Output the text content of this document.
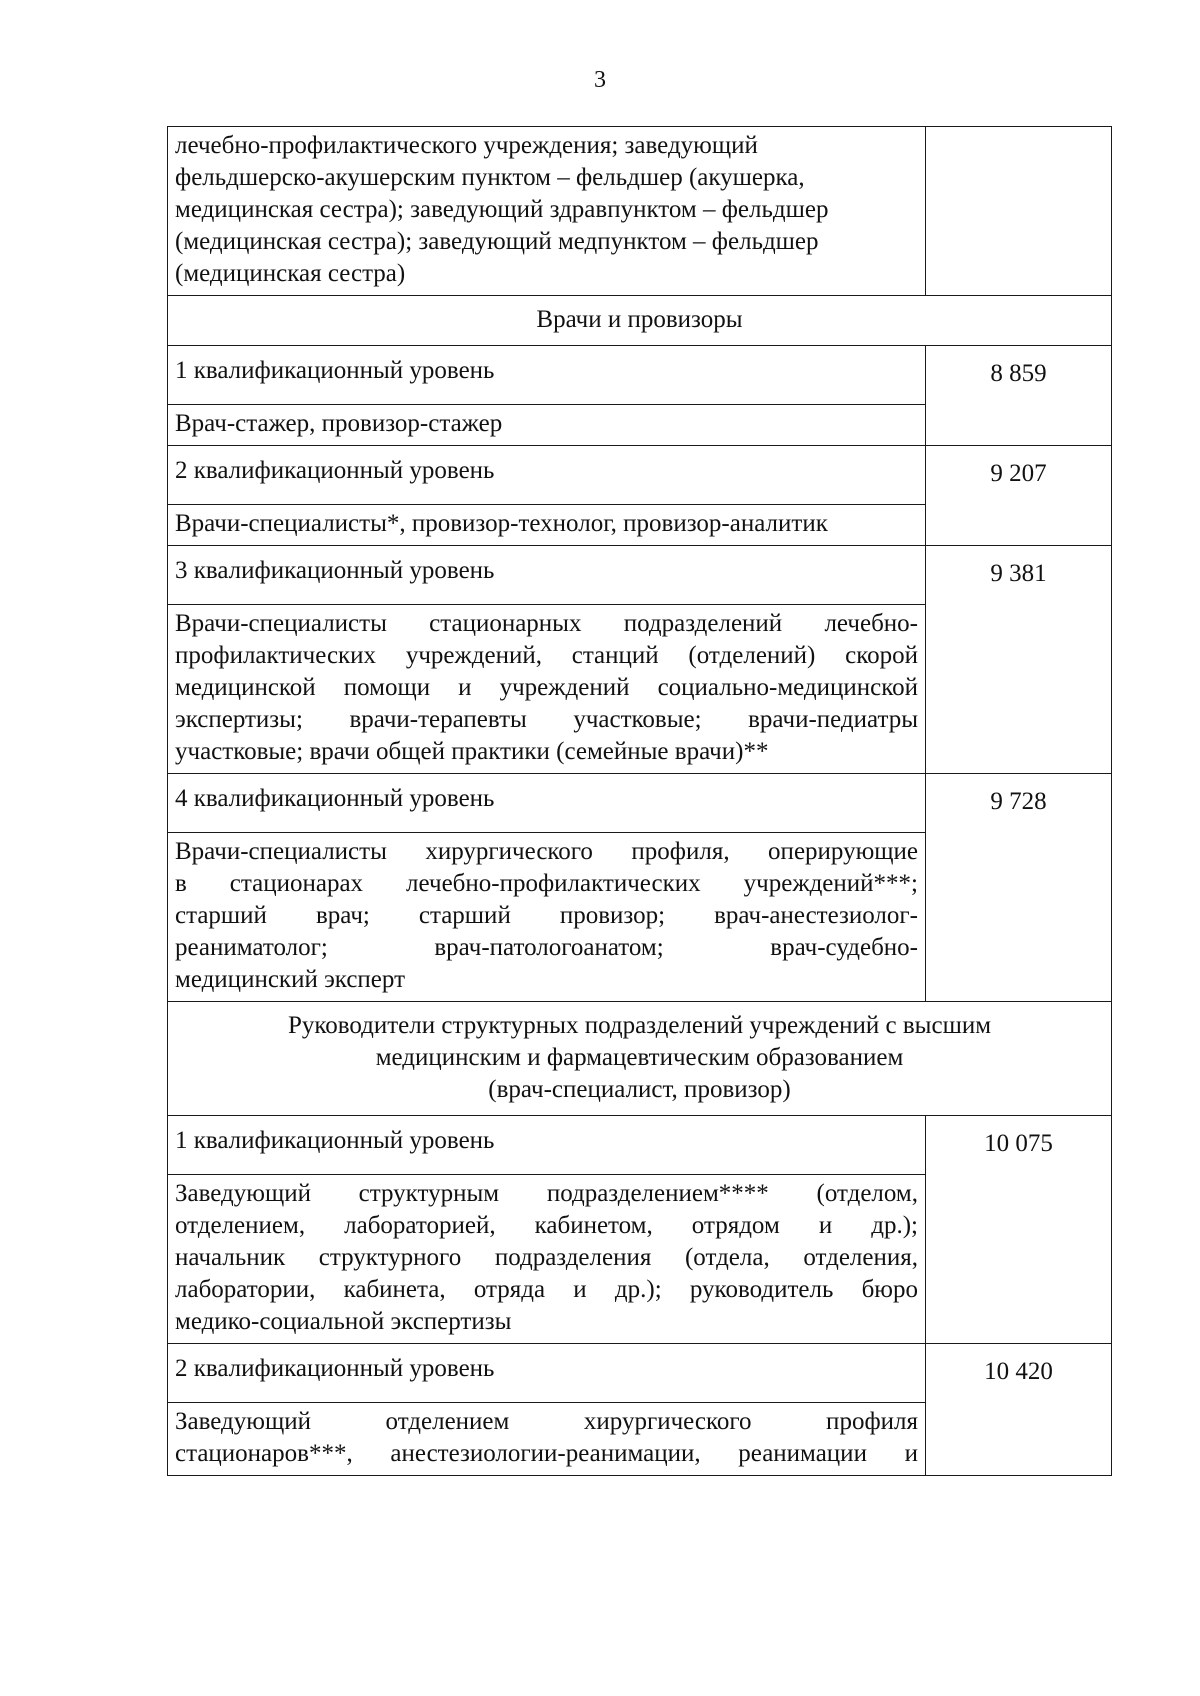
3
лечебно-профилактического учреждения; заведующий
фельдшерско-акушерским пунктом – фельдшер (акушерка,
медицинская сестра); заведующий здравпунктом – фельдшер
(медицинская сестра); заведующий медпунктом – фельдшер
(медицинская сестра)	

Врачи и провизоры	
1 квалификационный уровень	8 859

Врач-стажер, провизор-стажер	

2 квалификационный уровень	9 207

Врачи-специалисты*, провизор-технолог, провизор-аналитик	

3 квалификационный уровень	9 381

Врачи-специалисты стационарных подразделений лечебно-
профилактических учреждений, станций (отделений) скорой
медицинской помощи и учреждений социально-медицинской
экспертизы; врачи-терапевты участковые; врачи-педиатры
участковые; врачи общей практики (семейные врачи)**	

4 квалификационный уровень	9 728

Врачи-специалисты хирургического профиля, оперирующие
в стационарах лечебно-профилактических учреждений***;
старший врач; старший провизор; врач-анестезиолог-
реаниматолог; врач-патологоанатом; врач-судебно-
медицинский эксперт	

Руководители структурных подразделений учреждений с высшим
медицинским и фармацевтическим образованием
(врач-специалист, провизор)	

1 квалификационный уровень	10 075

Заведующий структурным подразделением**** (отделом,
отделением, лабораторией, кабинетом, отрядом и др.);
начальник структурного подразделения (отдела, отделения,
лаборатории, кабинета, отряда и др.); руководитель бюро
медико-социальной экспертизы	

2 квалификационный уровень	10 420

Заведующий отделением хирургического профиля
стационаров***, анестезиологии-реанимации, реанимации и	
